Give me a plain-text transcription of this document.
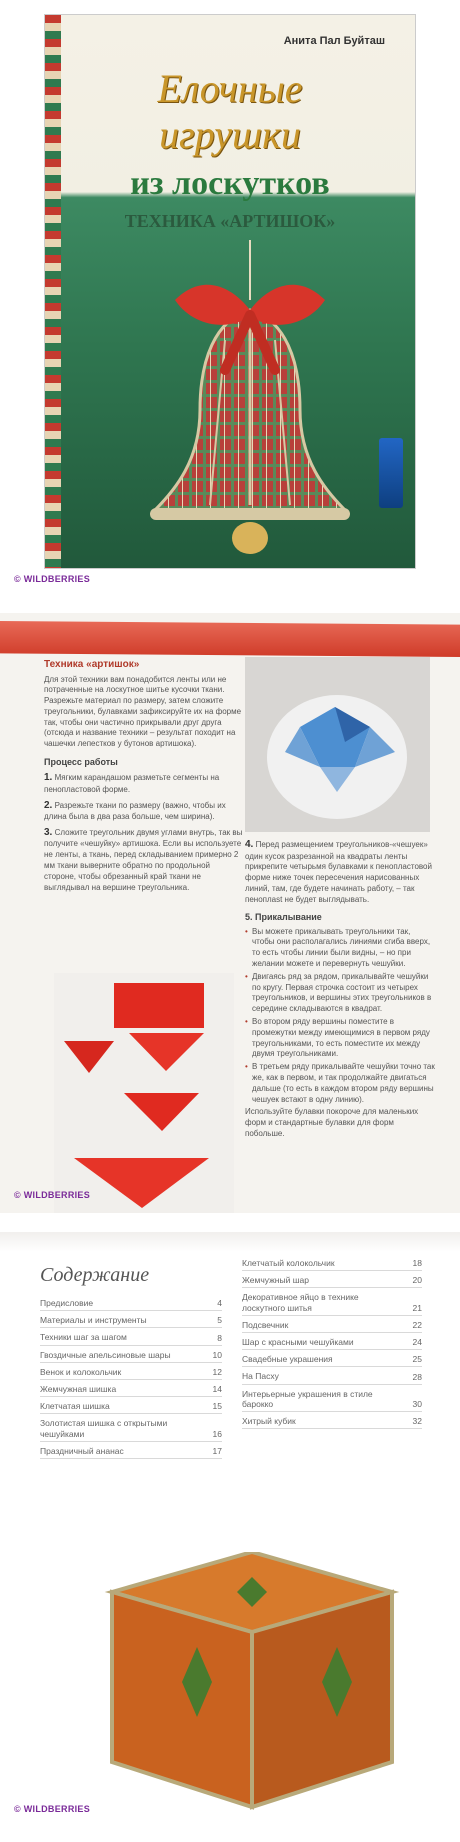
Анита Пал Буйташ
Елочные
игрушки
из лоскутков
ТЕХНИКА «АРТИШОК»
© WILDBERRIES
Техника «артишок»

Для этой техники вам понадобится ленты или не потраченные на лоскутное шитье кусочки ткани. Разрежьте материал по размеру, затем сложите треугольники, булавками зафиксируйте их на форме так, чтобы они частично прикрывали друг друга (отсюда и название техники – результат походит на чашечки лепестков у бутонов артишока).

Процесс работы
1. Мягким карандашом разметьте сегменты на пенопластовой форме.
2. Разрежьте ткани по размеру (важно, чтобы их длина была в два раза больше, чем ширина).
3. Сложите треугольник двумя углами внутрь, так вы получите «чешуйку» артишока. Если вы используете не ленты, а ткань, перед складыванием примерно 2 мм ткани выверните обратно по продольной стороне, чтобы обрезанный край ткани не выглядывал на вершине треугольника.
4. Перед размещением треугольников-«чешуек» один кусок разрезанной на квадраты ленты прикрепите четырьмя булавками к пенопластовой форме ниже точек пересечения нарисованных линий, там, где будете начинать работу, – так пеноплast не будет выглядывать.
5. Прикалывание
• Вы можете прикалывать треугольники так, чтобы они располагались линиями сгиба вверх, то есть чтобы линии были видны, – но при желании можете и перевернуть чешуйки.
• Двигаясь ряд за рядом, прикалывайте чешуйки по кругу. Первая строчка состоит из четырех треугольников, и вершины этих треугольников в середине складываются в квадрат.
• Во втором ряду вершины поместите в промежутки между имеющимися в первом ряду треугольниками, то есть поместите их между двумя треугольниками.
• В третьем ряду прикалывайте чешуйки точно так же, как в первом, и так продолжайте двигаться дальше (то есть в каждом втором ряду вершины чешуек встают в одну линию).

Используйте булавки покороче для маленьких форм и стандартные булавки для форм побольше.

© WILDBERRIES
Содержание
Предисловие	4
Материалы и инструменты	5
Техники шаг за шагом	8
Гвоздичные апельсиновые шары	10
Венок и колокольчик	12
Жемчужная шишка	14
Клетчатая шишка	15
Золотистая шишка с открытыми чешуйками	16
Праздничный ананас	17
Клетчатый колокольчик	18
Жемчужный шар	20
Декоративное яйцо в технике лоскутного шитья	21
Подсвечник	22
Шар с красными чешуйками	24
Свадебные украшения	25
На Пасху	28
Интерьерные украшения в стиле барокко	30
Хитрый кубик	32
© WILDBERRIES
